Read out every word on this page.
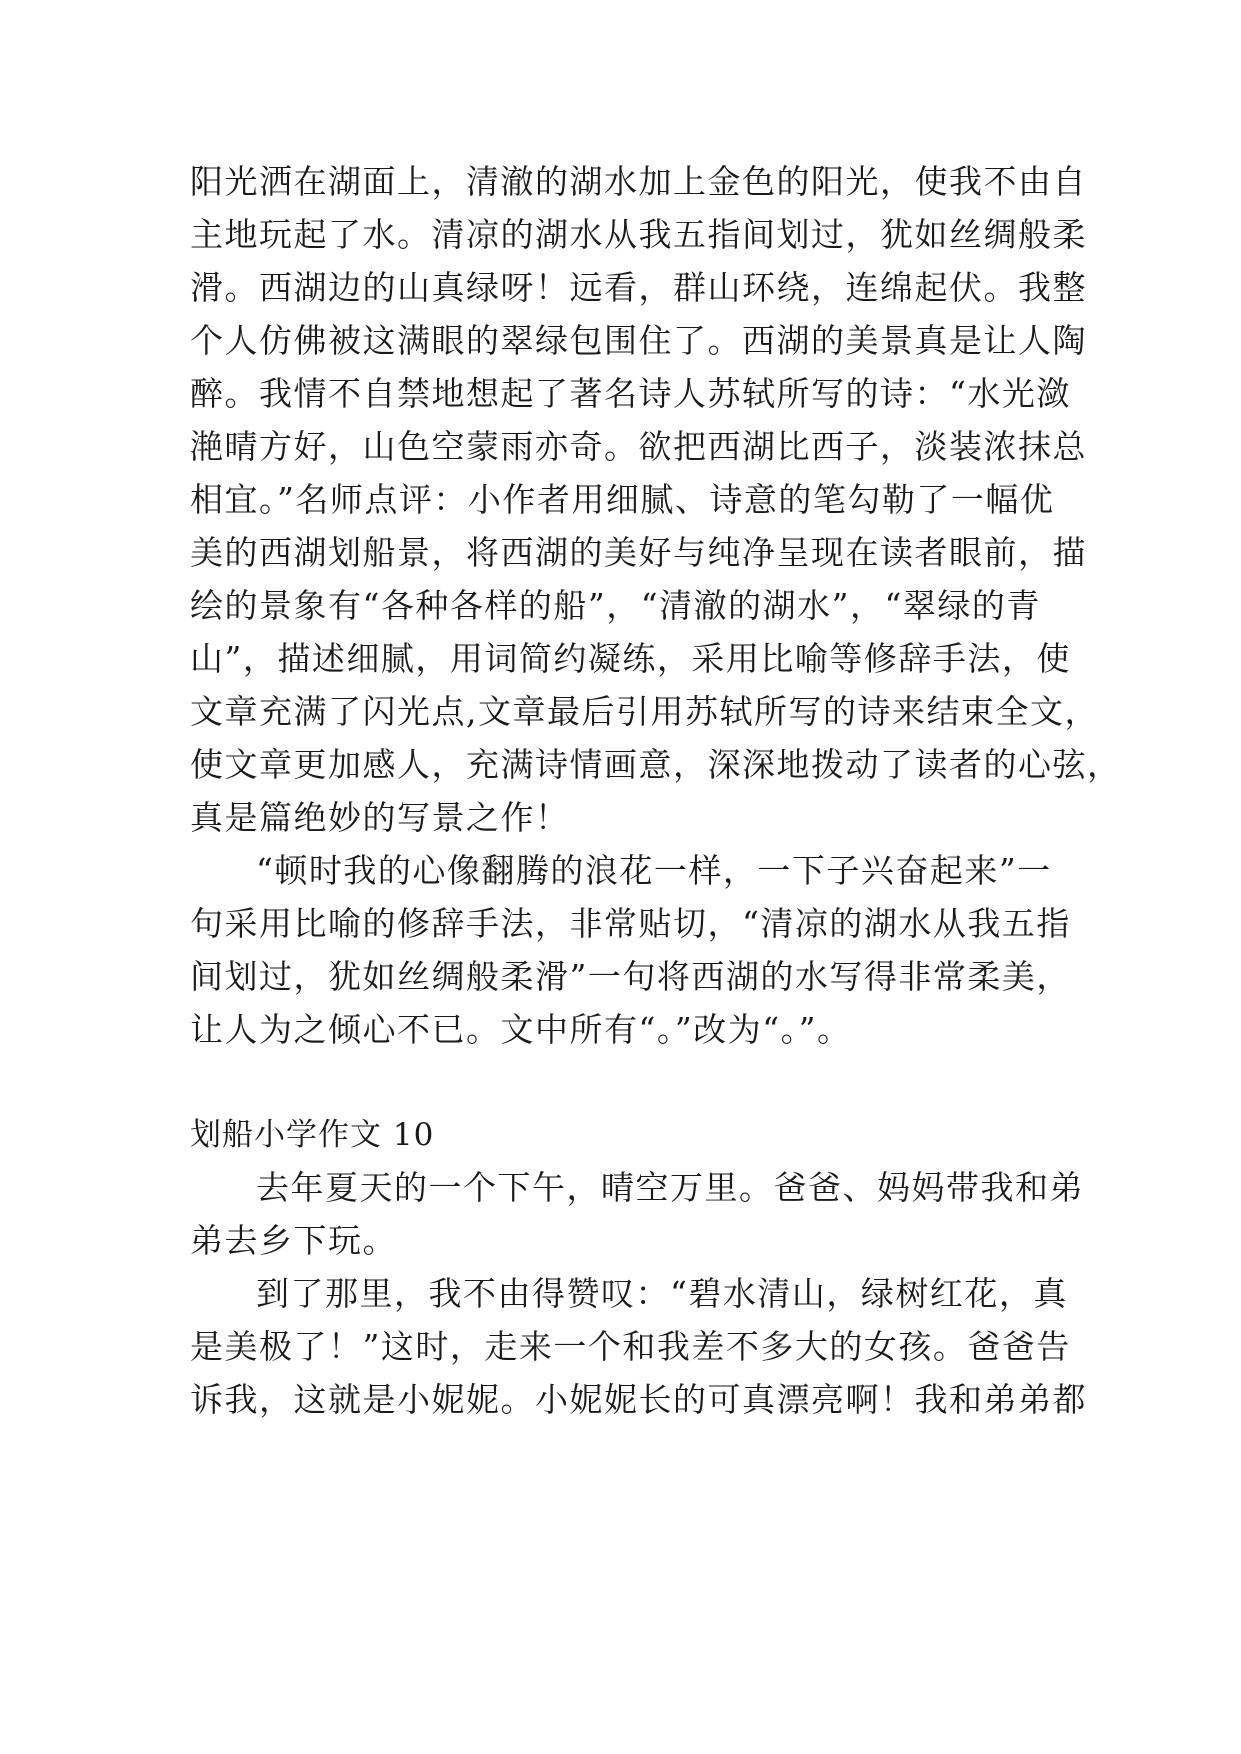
阳光洒在湖面上，清澈的湖水加上金色的阳光，使我不由自
主地玩起了水。清凉的湖水从我五指间划过，犹如丝绸般柔
滑。西湖边的山真绿呀！远看，群山环绕，连绵起伏。我整
个人仿佛被这满眼的翠绿包围住了。西湖的美景真是让人陶
醉。我情不自禁地想起了著名诗人苏轼所写的诗：“水光潋
滟晴方好，山色空蒙雨亦奇。欲把西湖比西子，淡装浓抹总
相宜。”名师点评：小作者用细腻、诗意的笔勾勒了一幅优
美的西湖划船景，将西湖的美好与纯净呈现在读者眼前，描
绘的景象有“各种各样的船”，“清澈的湖水”，“翠绿的青
山”，描述细腻，用词简约凝练，采用比喻等修辞手法，使
文章充满了闪光点,文章最后引用苏轼所写的诗来结束全文，
使文章更加感人，充满诗情画意，深深地拨动了读者的心弦，
真是篇绝妙的写景之作！
“顿时我的心像翻腾的浪花一样，一下子兴奋起来”一
句采用比喻的修辞手法，非常贴切，“清凉的湖水从我五指
间划过，犹如丝绸般柔滑”一句将西湖的水写得非常柔美，
让人为之倾心不已。文中所有“。”改为“。”。
划船小学作文 10
去年夏天的一个下午，晴空万里。爸爸、妈妈带我和弟
弟去乡下玩。
到了那里，我不由得赞叹：“碧水清山，绿树红花，真
是美极了！”这时，走来一个和我差不多大的女孩。爸爸告
诉我，这就是小妮妮。小妮妮长的可真漂亮啊！我和弟弟都
